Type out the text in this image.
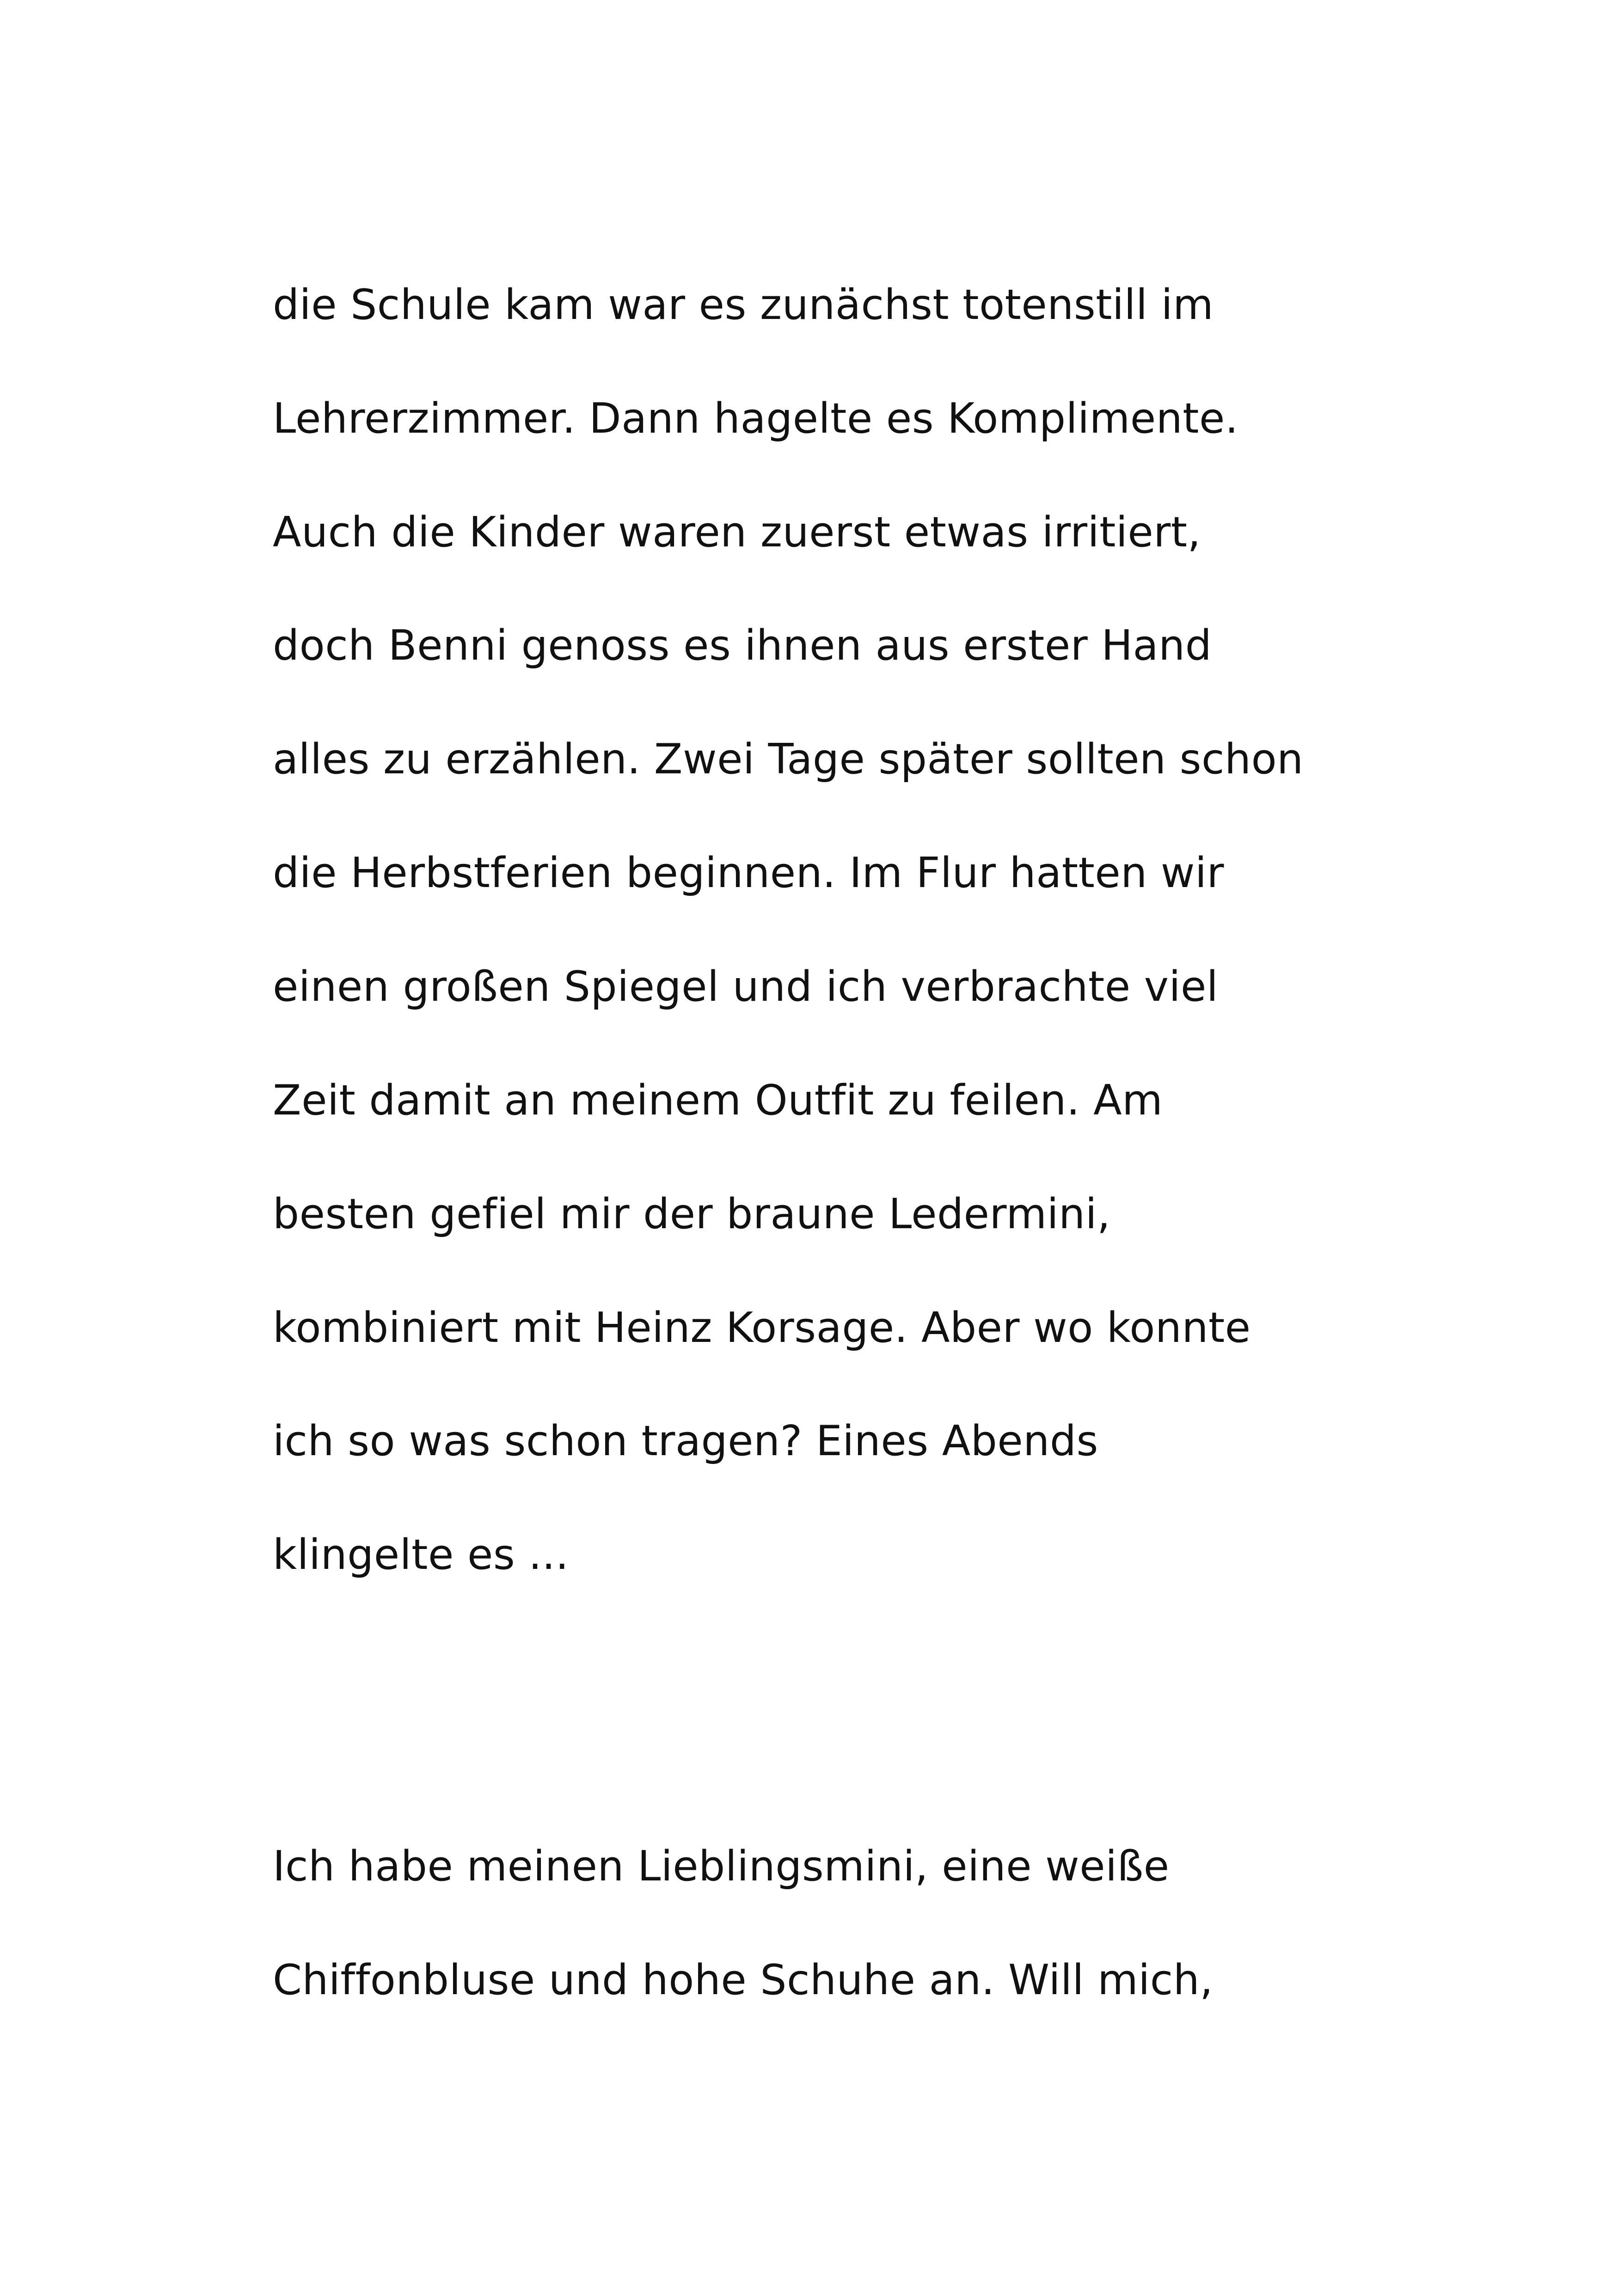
die Schule kam war es zunächst totenstill im
Lehrerzimmer. Dann hagelte es Komplimente.
Auch die Kinder waren zuerst etwas irritiert,
doch Benni genoss es ihnen aus erster Hand
alles zu erzählen. Zwei Tage später sollten schon
die Herbstferien beginnen. Im Flur hatten wir
einen großen Spiegel und ich verbrachte viel
Zeit damit an meinem Outfit zu feilen. Am
besten gefiel mir der braune Ledermini,
kombiniert mit Heinz Korsage. Aber wo konnte
ich so was schon tragen? Eines Abends
klingelte es ...
Ich habe meinen Lieblingsmini, eine weiße
Chiffonbluse und hohe Schuhe an. Will mich,
